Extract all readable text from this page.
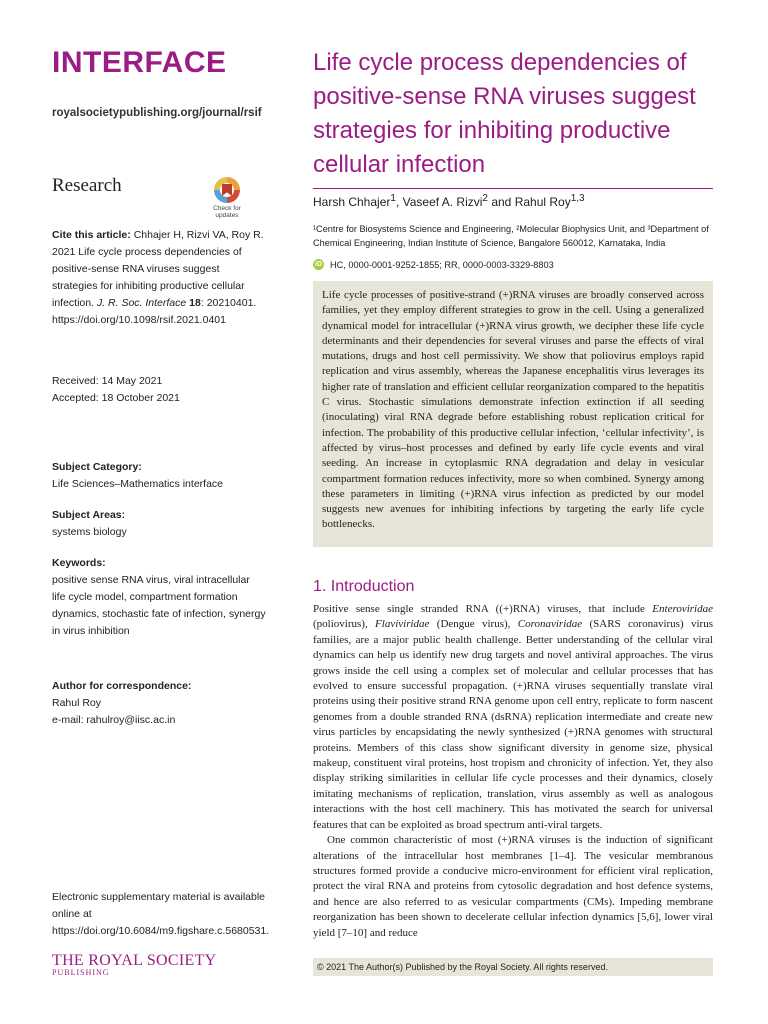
INTERFACE
royalsocietypublishing.org/journal/rsif
Research
Check for
updates
Cite this article: Chhajer H, Rizvi VA, Roy R. 2021 Life cycle process dependencies of positive-sense RNA viruses suggest strategies for inhibiting productive cellular infection. J. R. Soc. Interface 18: 20210401.
https://doi.org/10.1098/rsif.2021.0401
Received: 14 May 2021
Accepted: 18 October 2021
Subject Category:
Life Sciences–Mathematics interface
Subject Areas:
systems biology
Keywords:
positive sense RNA virus, viral intracellular life cycle model, compartment formation dynamics, stochastic fate of infection, synergy in virus inhibition
Author for correspondence:
Rahul Roy
e-mail: rahulroy@iisc.ac.in
Electronic supplementary material is available online at https://doi.org/10.6084/m9.figshare.c.5680531.
THE ROYAL SOCIETY
PUBLISHING
Life cycle process dependencies of positive-sense RNA viruses suggest strategies for inhibiting productive cellular infection
Harsh Chhajer$^1$, Vaseef A. Rizvi$^2$ and Rahul Roy$^{1,3}$
¹Centre for Biosystems Science and Engineering, ²Molecular Biophysics Unit, and ³Department of Chemical Engineering, Indian Institute of Science, Bangalore 560012, Karnataka, India
iD HC, 0000-0001-9252-1855; RR, 0000-0003-3329-8803

Life cycle processes of positive-strand (+)RNA viruses are broadly conserved across families, yet they employ different strategies to grow in the cell. Using a generalized dynamical model for intracellular (+)RNA virus growth, we decipher these life cycle determinants and their dependencies for several viruses and parse the effects of viral mutations, drugs and host cell permissivity. We show that poliovirus employs rapid replication and virus assembly, whereas the Japanese encephalitis virus leverages its higher rate of translation and efficient cellular reorganization compared to the hepatitis C virus. Stochastic simulations demonstrate infection extinction if all seeding (inoculating) viral RNA degrade before establishing robust replication critical for infection. The probability of this productive cellular infection, ‘cellular infectivity’, is affected by virus–host processes and defined by early life cycle events and viral seeding. An increase in cytoplasmic RNA degradation and delay in vesicular compartment formation reduces infectivity, more so when combined. Synergy among these parameters in limiting (+)RNA virus infection as predicted by our model suggests new avenues for inhibiting infections by targeting the early life cycle bottlenecks.

1. Introduction

Positive sense single stranded RNA ((+)RNA) viruses, that include Enteroviridae (poliovirus), Flaviviridae (Dengue virus), Coronaviridae (SARS coronavirus) virus families, are a major public health challenge. Better understanding of the cellular viral dynamics can help us identify new drug targets and novel antiviral approaches. The virus grows inside the cell using a complex set of molecular and cellular processes that has evolved to ensure successful propagation. (+)RNA viruses sequentially translate viral proteins using their positive strand RNA genome upon cell entry, replicate to form nascent genomes from a double stranded RNA (dsRNA) replication intermediate and create new virus particles by encapsidating the newly synthesized (+)RNA genomes with structural proteins. Members of this class show significant diversity in genome size, physical makeup, constituent viral proteins, host tropism and chronicity of infection. Yet, they also display striking similarities in cellular life cycle processes and their dynamics, closely imitating mechanisms of replication, translation, virus assembly as well as analogous interactions with the host cell machinery. This has motivated the search for universal features that can be exploited as broad spectrum anti-viral targets.

One common characteristic of most (+)RNA viruses is the induction of significant alterations of the intracellular host membranes [1–4]. The vesicular membranous structures formed provide a conducive micro-environment for efficient viral replication, protect the viral RNA and proteins from cytosolic degradation and host defence systems, and hence are also referred to as vesicular compartments (CMs). Impeding membrane reorganization has been shown to decelerate cellular infection dynamics [5,6], lower viral yield [7–10] and reduce

© 2021 The Author(s) Published by the Royal Society. All rights reserved.
